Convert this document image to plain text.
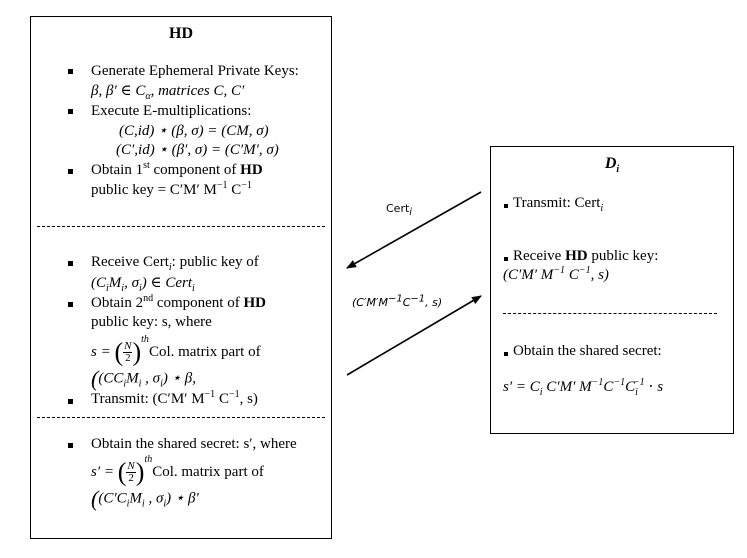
HD
Generate Ephemeral Private Keys:
β, β′ ∈ $C_\alpha$, matrices C, C′
Execute E-multiplications:
(C,id) ⋆ (β, σ) = (CM, σ)
(C′,id) ⋆ (β′, σ) = (C′M′, σ)
Obtain 1st component of HD
public key = C′M′ $M^{-1}$ $C^{-1}$
Receive Cert$_i$: public key of
($C_iM_i$, $\sigma_i$) ∈ Cert$_i$
Obtain 2nd component of HD
public key: s, where
s = ( $\frac{N}{2} )^{th}Col$. matrix part of
(($CC_iM_i$ , $\sigma_i$) ⋆ β,
Transmit: (C′M′ $M^{-1}$ $C^{-1}$, s)
Obtain the shared secret: s′, where
s′ = ( $\frac{N}{2} )^{th}Col$. matrix part of
(($C'C_iM_i$ , $\sigma_i$) ⋆ β′
$D_i$
Transmit: Cert$_i$
Receive HD public key:
(C′M′ $M^{-1}$ $C^{-1}$, s)
Obtain the shared secret:
$s' = C_i$ C′M′ $M^{-1}C^{-1}C_i^{-1} \cdot s$
Cert$_i$
($C'M'M^{-1}C^{-1}$, s)
